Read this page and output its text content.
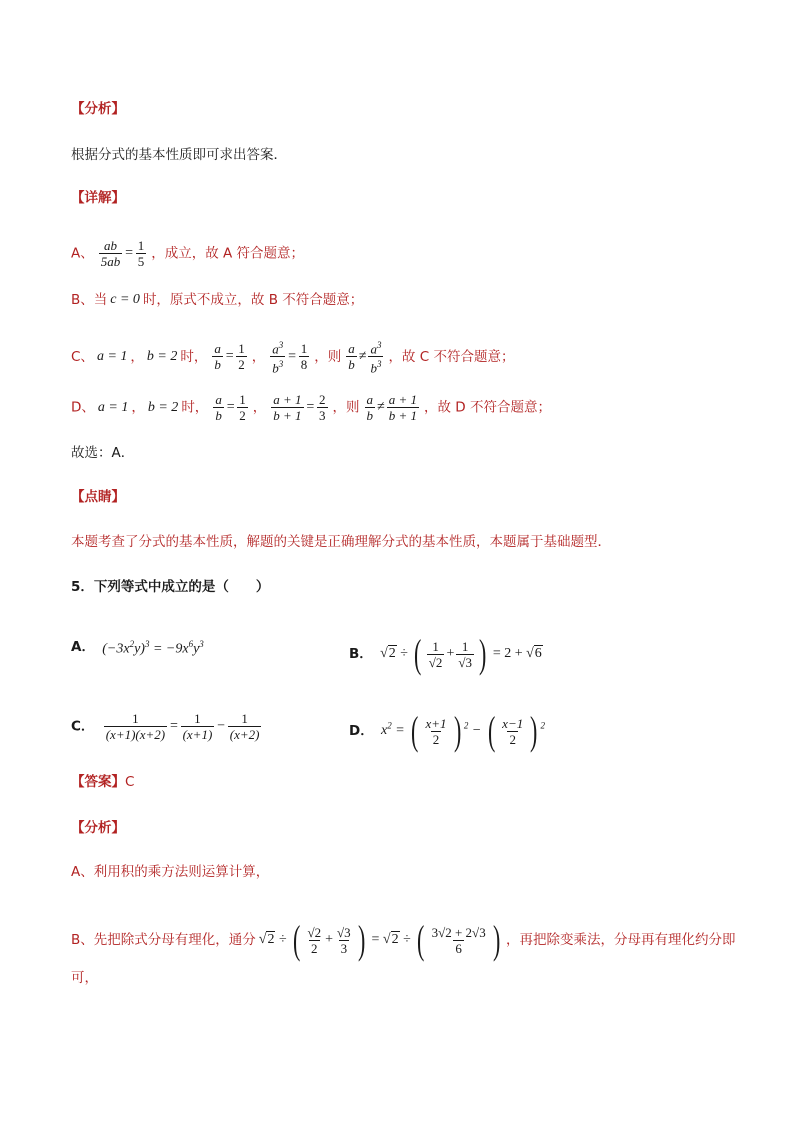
【分析】
根据分式的基本性质即可求出答案．
【详解】
A、 $\frac{ab}{5ab} = \frac{1}{5}$ ，成立，故 A 符合题意；
B、当 c = 0 时，原式不成立，故 B 不符合题意；
C、 a = 1 ， b = 2 时， $\frac{a}{b} = \frac{1}{2}$ ， $\frac{a^3}{b^3} = \frac{1}{8}$ ，则 $\frac{a}{b} \ne \frac{a^3}{b^3}$ ，故 C 不符合题意；
D、 a = 1 ， b = 2 时， $\frac{a}{b} = \frac{1}{2}$ ， $\frac{a + 1}{b + 1} = \frac{2}{3}$ ，则 $\frac{a}{b} \ne \frac{a + 1}{b + 1}$ ，故 D 不符合题意；
故选：A．
【点睛】
本题考查了分式的基本性质，解题的关键是正确理解分式的基本性质，本题属于基础题型．
5．下列等式中成立的是（　　）
A． $(-3x^2y)^3 = -9x^6y^3$
B． √2 ÷ ( $\frac{1}{√2} + \frac{1}{√3}$ ) = 2 + √6
C． $\frac{1}{(x+1)(x+2)} = \frac{1}{(x+1)} - \frac{1}{(x+2)}$	D． $x^2$ = ( $\frac{x+1}{2}$ ) $^2$ − ( $\frac{x-1}{2}$ ) $^2$
【答案】C
【分析】
A、利用积的乘方法则运算计算，
B、先把除式分母有理化，通分 √2 ÷ ( $\frac{√2}{2} + \frac{√3}{3}$ ) = √2 ÷ ( $\frac{3√2 + 2√3}{6}$ ) ，再把除变乘法，分母再有理化约分即
可，
